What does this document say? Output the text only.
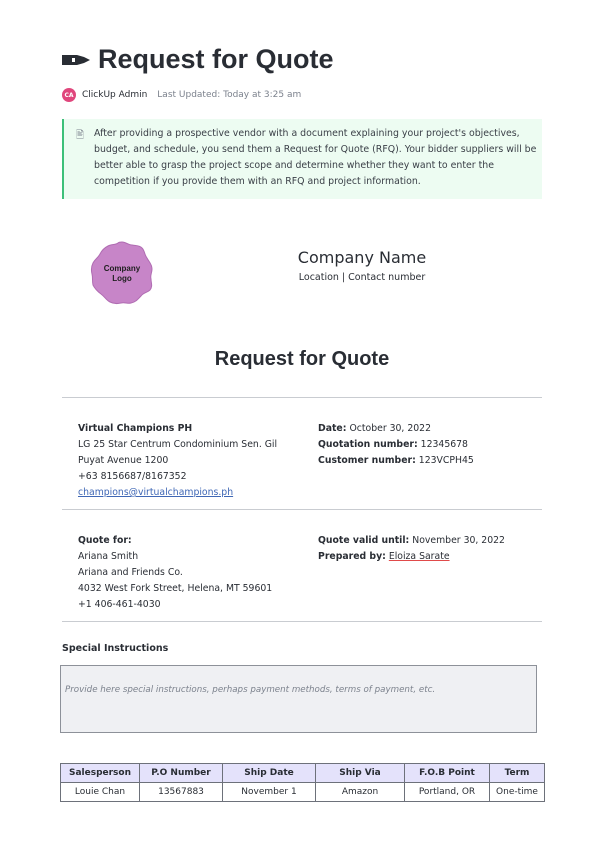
Request for Quote
CA ClickUp Admin Last Updated: Today at 3:25 am
🖹 After providing a prospective vendor with a document explaining your project's objectives, budget, and schedule, you send them a Request for Quote (RFQ). Your bidder suppliers will be better able to grasp the project scope and determine whether they want to enter the competition if you provide them with an RFQ and project information.
Company
Logo
Company Name
Location | Contact number
Request for Quote
Virtual Champions PH
LG 25 Star Centrum Condominium Sen. Gil
Puyat Avenue 1200
+63 8156687/8167352
champions@virtualchampions.ph
Date: October 30, 2022
Quotation number: 12345678
Customer number: 123VCPH45
Quote for:
Ariana Smith
Ariana and Friends Co.
4032 West Fork Street, Helena, MT 59601
+1 406-461-4030
Quote valid until: November 30, 2022
Prepared by: Eloiza Sarate
Special Instructions
Provide here special instructions, perhaps payment methods, terms of payment, etc.
Salesperson	P.O Number	Ship Date	Ship Via	F.O.B Point	Term
Louie Chan	13567883	November 1	Amazon	Portland, OR	One-time
